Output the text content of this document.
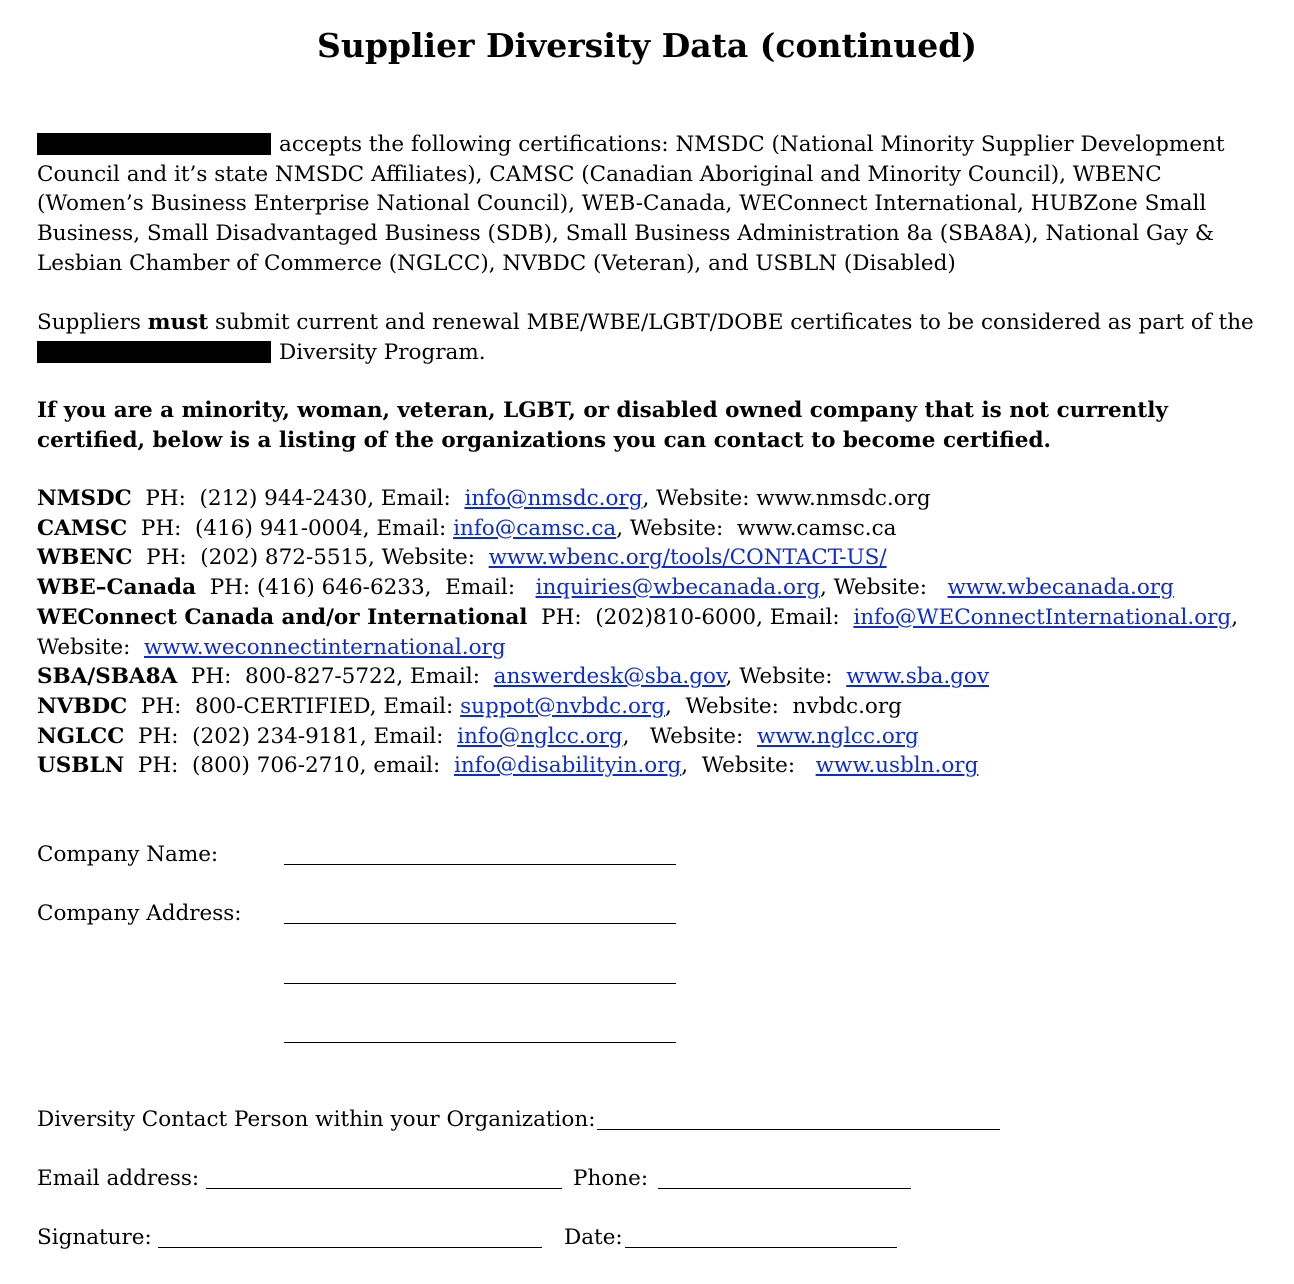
Supplier Diversity Data (continued)

accepts the following certifications: NMSDC (National Minority Supplier Development Council and it’s state NMSDC Affiliates), CAMSC (Canadian Aboriginal and Minority Council), WBENC (Women’s Business Enterprise National Council), WEB-Canada, WEConnect International, HUBZone Small Business, Small Disadvantaged Business (SDB), Small Business Administration 8a (SBA8A), National Gay & Lesbian Chamber of Commerce (NGLCC), NVBDC (Veteran), and USBLN (Disabled)

Suppliers must submit current and renewal MBE/WBE/LGBT/DOBE certificates to be considered as part of the
Diversity Program.

If you are a minority, woman, veteran, LGBT, or disabled owned company that is not currently certified, below is a listing of the organizations you can contact to become certified.

NMSDC  PH:  (212) 944-2430, Email:  info@nmsdc.org, Website: www.nmsdc.org
CAMSC  PH:  (416) 941-0004, Email: info@camsc.ca, Website:  www.camsc.ca
WBENC  PH:  (202) 872-5515, Website:  www.wbenc.org/tools/CONTACT-US/
WBE–Canada  PH: (416) 646-6233,  Email:   inquiries@wbecanada.org, Website:   www.wbecanada.org
WEConnect Canada and/or International  PH:  (202)810-6000, Email:  info@WEConnectInternational.org,
Website:  www.weconnectinternational.org
SBA/SBA8A  PH:  800-827-5722, Email:  answerdesk@sba.gov, Website:  www.sba.gov
NVBDC  PH:  800-CERTIFIED, Email: suppot@nvbdc.org,  Website:  nvbdc.org
NGLCC  PH:  (202) 234-9181, Email:  info@nglcc.org,   Website:  www.nglcc.org
USBLN  PH:  (800) 706-2710, email:  info@disabilityin.org,  Website:   www.usbln.org
Company Name:
Company Address:
Diversity Contact Person within your Organization:
Email address:	Phone:
Signature:	Date:
